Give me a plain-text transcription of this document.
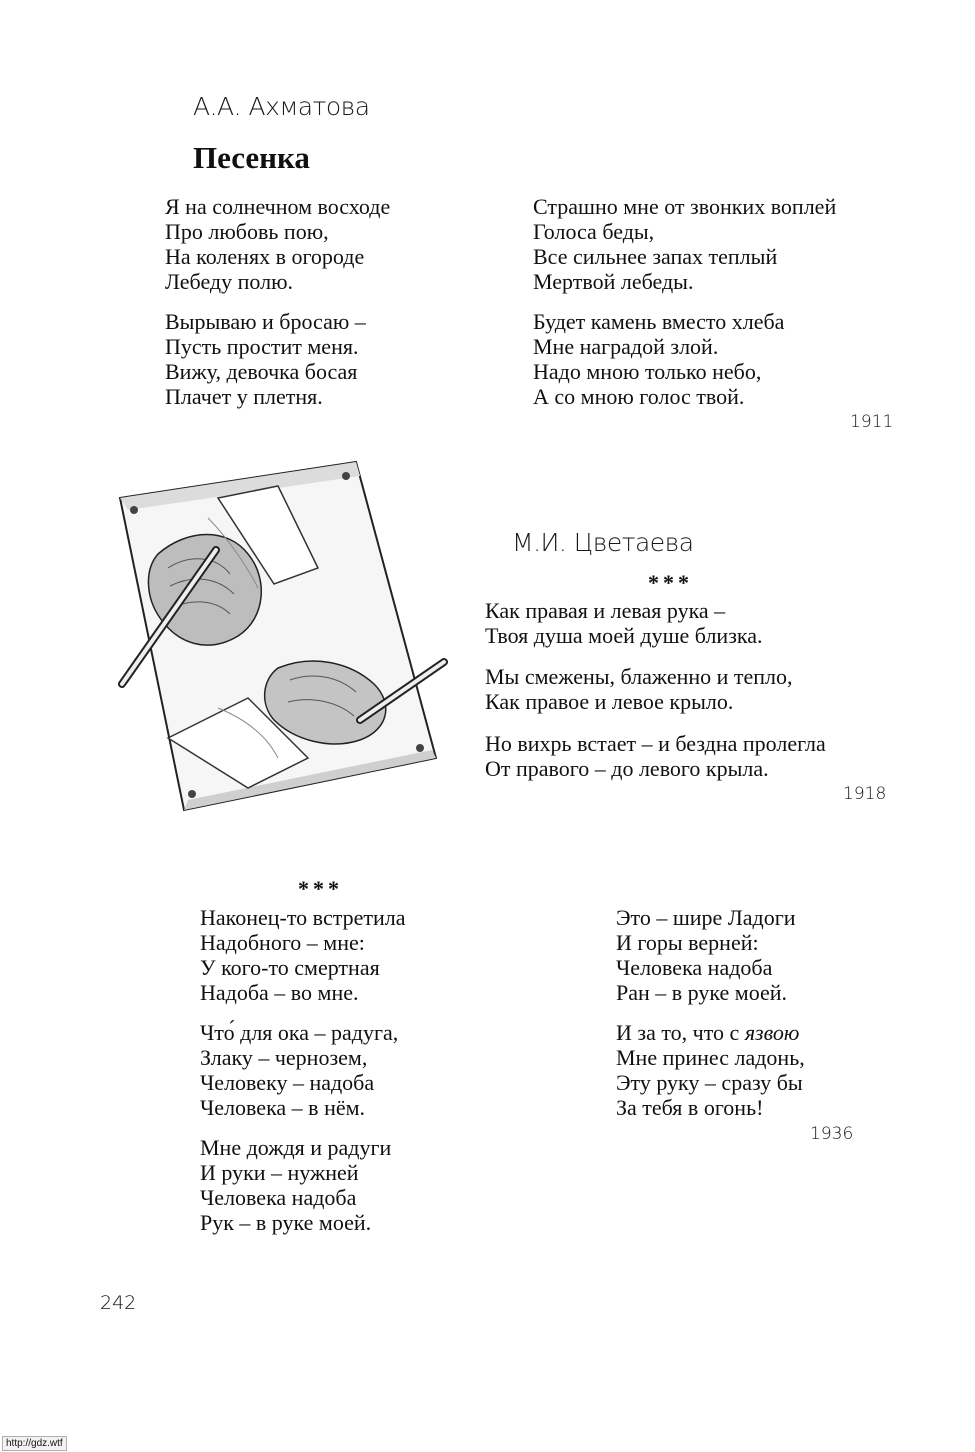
А.А. Ахматова
Песенка
Я на солнечном восходе
Про любовь пою,
На коленях в огороде
Лебеду полю.
Вырываю и бросаю –
Пусть простит меня.
Вижу, девочка босая
Плачет у плетня.
Страшно мне от звонких воплей
Голоса беды,
Все сильнее запах теплый
Мертвой лебеды.
Будет камень вместо хлеба
Мне наградой злой.
Надо мною только небо,
А со мною голос твой.
1911
М.И. Цветаева
***
Как правая и левая рука –
Твоя душа моей душе близка.
Мы смежены, блаженно и тепло,
Как правое и левое крыло.
Но вихрь встает – и бездна пролегла
От правого – до левого крыла.
1918
***
Наконец-то встретила
Надобного – мне:
У кого-то смертная
Надоба – во мне.
Что́ для ока – радуга,
Злаку – чернозем,
Человеку – надоба
Человека – в нём.
Мне дождя и радуги
И руки – нужней
Человека надоба
Рук – в руке моей.
Это – шире Ладоги
И горы верней:
Человека надоба
Ран – в руке моей.
И за то, что с язвою
Мне принес ладонь,
Эту руку – сразу бы
За тебя в огонь!
1936
242
http://gdz.wtf
